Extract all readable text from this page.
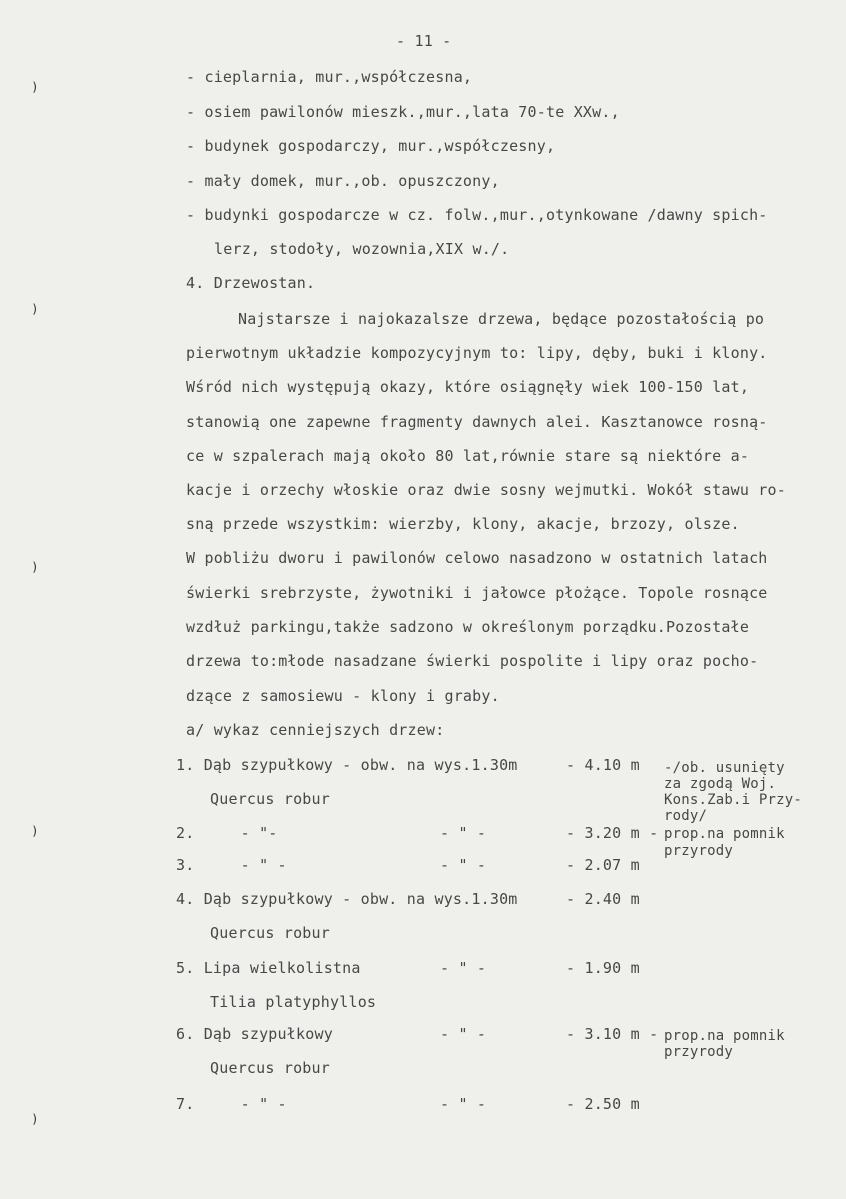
 )
 )
 )
 )
 )
- 11 -
- cieplarnia, mur.,współczesna,
- osiem pawilonów mieszk.,mur.,lata 70-te XXw.,
- budynek gospodarczy, mur.,współczesny,
- mały domek, mur.,ob. opuszczony,
- budynki gospodarcze w cz. folw.,mur.,otynkowane /dawny spich-
lerz, stodoły, wozownia,XIX w./.
4. Drzewostan.
Najstarsze i najokazalsze drzewa, będące pozostałością po
pierwotnym układzie kompozycyjnym to: lipy, dęby, buki i klony.
Wśród nich występują okazy, które osiągnęły wiek 100-150 lat,
stanowią one zapewne fragmenty dawnych alei. Kasztanowce rosną-
ce w szpalerach mają około 80 lat,równie stare są niektóre a-
kacje i orzechy włoskie oraz dwie sosny wejmutki. Wokół stawu ro-
sną przede wszystkim: wierzby, klony, akacje, brzozy, olsze.
W pobliżu dworu i pawilonów celowo nasadzono w ostatnich latach
świerki srebrzyste, żywotniki i jałowce płożące. Topole rosnące
wzdłuż parkingu,także sadzono w określonym porządku.Pozostałe
drzewa to:młode nasadzane świerki pospolite i lipy oraz pocho-
dzące z samosiewu - klony i graby.
a/ wykaz cenniejszych drzew:
1. Dąb szypułkowy - obw. na wys.1.30m	- 4.10 m
Quercus robur
-/ob. usunięty
za zgodą Woj.
Kons.Zab.i Przy-
rody/
2.     - "-	- " -	- 3.20 m - prop.na pomnik
przyrody
3.     - " -	- " -	- 2.07 m
4. Dąb szypułkowy - obw. na wys.1.30m	- 2.40 m
Quercus robur
5. Lipa wielkolistna	- " -	- 1.90 m
Tilia platyphyllos
6. Dąb szypułkowy	- " -	- 3.10 m - prop.na pomnik
przyrody
Quercus robur
7.     - " -	- " -	- 2.50 m
